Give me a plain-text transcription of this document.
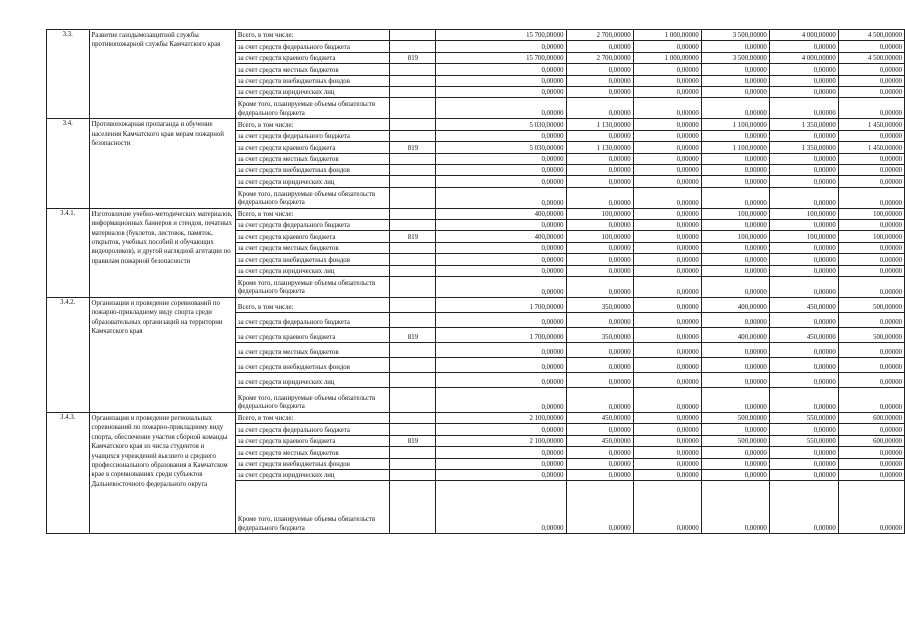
3.3.	Развитие газодымозащитной службы противопожарной службы Камчатского края	Всего, в том числе:		15 700,00000	2 700,00000	1 000,00000	3 500,00000	4 000,00000	4 500,00000
		за счет средств федерального бюджета		0,00000	0,00000	0,00000	0,00000	0,00000	0,00000
		за счет средств краевого бюджета	819	15 700,00000	2 700,00000	1 000,00000	3 500,00000	4 000,00000	4 500,00000
		за счет средств местных бюджетов		0,00000	0,00000	0,00000	0,00000	0,00000	0,00000
		за счет средств внебюджетных фондов		0,00000	0,00000	0,00000	0,00000	0,00000	0,00000
		за счет средств юридических лиц		0,00000	0,00000	0,00000	0,00000	0,00000	0,00000
		Кроме того, планируемые объемы обязательств федерального бюджета		0,00000	0,00000	0,00000	0,00000	0,00000	0,00000
3.4.	Противопожарная пропаганда и обучение населения Камчатского края мерам пожарной безопасности	Всего, в том числе:		5 030,00000	1 130,00000	0,00000	1 100,00000	1 350,00000	1 450,00000
		за счет средств федерального бюджета		0,00000	0,00000	0,00000	0,00000	0,00000	0,00000
		за счет средств краевого бюджета	819	5 030,00000	1 130,00000	0,00000	1 100,00000	1 350,00000	1 450,00000
		за счет средств местных бюджетов		0,00000	0,00000	0,00000	0,00000	0,00000	0,00000
		за счет средств внебюджетных фондов		0,00000	0,00000	0,00000	0,00000	0,00000	0,00000
		за счет средств юридических лиц		0,00000	0,00000	0,00000	0,00000	0,00000	0,00000
		Кроме того, планируемые объемы обязательств федерального бюджета		0,00000	0,00000	0,00000	0,00000	0,00000	0,00000
3.4.1.	Изготовление учебно-методических материалов, информационных баннеров и стендов, печатных материалов (буклетов, листовок, памяток, открыток, учебных пособий и обучающих видеороликов), и другой наглядной агитации по правилам пожарной безопасности	Всего, в том числе:		400,00000	100,00000	0,00000	100,00000	100,00000	100,00000
		за счет средств федерального бюджета		0,00000	0,00000	0,00000	0,00000	0,00000	0,00000
		за счет средств краевого бюджета	819	400,00000	100,00000	0,00000	100,00000	100,00000	100,00000
		за счет средств местных бюджетов		0,00000	0,00000	0,00000	0,00000	0,00000	0,00000
		за счет средств внебюджетных фондов		0,00000	0,00000	0,00000	0,00000	0,00000	0,00000
		за счет средств юридических лиц		0,00000	0,00000	0,00000	0,00000	0,00000	0,00000
		Кроме того, планируемые объемы обязательств федерального бюджета		0,00000	0,00000	0,00000	0,00000	0,00000	0,00000
3.4.2.	Организация и проведение соревнований по пожарно-прикладному виду спорта среди образовательных организаций на территории Камчатского края	Всего, в том числе:		1 700,00000	350,00000	0,00000	400,00000	450,00000	500,00000
		за счет средств федерального бюджета		0,00000	0,00000	0,00000	0,00000	0,00000	0,00000
		за счет средств краевого бюджета	819	1 700,00000	350,00000	0,00000	400,00000	450,00000	500,00000
		за счет средств местных бюджетов		0,00000	0,00000	0,00000	0,00000	0,00000	0,00000
		за счет средств внебюджетных фондов		0,00000	0,00000	0,00000	0,00000	0,00000	0,00000
		за счет средств юридических лиц		0,00000	0,00000	0,00000	0,00000	0,00000	0,00000
		Кроме того, планируемые объемы обязательств федерального бюджета		0,00000	0,00000	0,00000	0,00000	0,00000	0,00000
3.4.3.	Организация и проведение региональных соревнований по пожарно-прикладному виду спорта, обеспечение участия сборной команды Камчатского края из числа студентов и учащихся учреждений высшего и среднего профессионального образования в Камчатском крае в соревнованиях среди субъектов Дальневосточного федерального округа	Всего, в том числе:		2 100,00000	450,00000	0,00000	500,00000	550,00000	600,00000
		за счет средств федерального бюджета		0,00000	0,00000	0,00000	0,00000	0,00000	0,00000
		за счет средств краевого бюджета	819	2 100,00000	450,00000	0,00000	500,00000	550,00000	600,00000
		за счет средств местных бюджетов		0,00000	0,00000	0,00000	0,00000	0,00000	0,00000
		за счет средств внебюджетных фондов		0,00000	0,00000	0,00000	0,00000	0,00000	0,00000
		за счет средств юридических лиц		0,00000	0,00000	0,00000	0,00000	0,00000	0,00000
		Кроме того, планируемые объемы обязательств федерального бюджета		0,00000	0,00000	0,00000	0,00000	0,00000	0,00000
